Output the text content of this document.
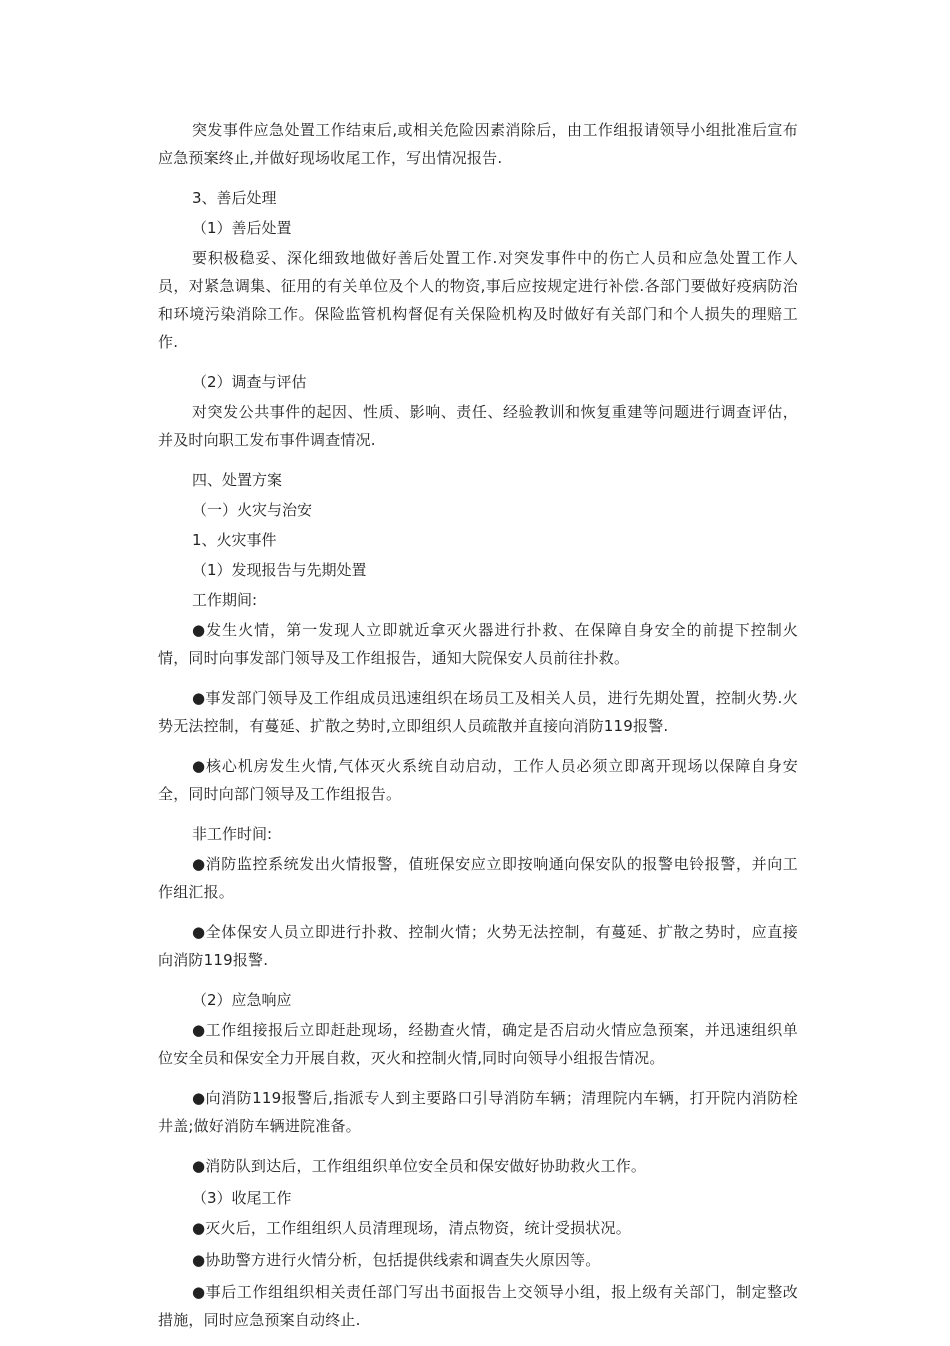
突发事件应急处置工作结束后,或相关危险因素消除后，由工作组报请领导小组批准后宣布应急预案终止,并做好现场收尾工作，写出情况报告.

3、善后处理

（1）善后处置

要积极稳妥、深化细致地做好善后处置工作.对突发事件中的伤亡人员和应急处置工作人员，对紧急调集、征用的有关单位及个人的物资,事后应按规定进行补偿.各部门要做好疫病防治和环境污染消除工作。保险监管机构督促有关保险机构及时做好有关部门和个人损失的理赔工作.

（2）调查与评估

对突发公共事件的起因、性质、影响、责任、经验教训和恢复重建等问题进行调查评估，并及时向职工发布事件调查情况.

四、处置方案

（一）火灾与治安

1、火灾事件

（1）发现报告与先期处置

工作期间:

●发生火情，第一发现人立即就近拿灭火器进行扑救、在保障自身安全的前提下控制火情，同时向事发部门领导及工作组报告，通知大院保安人员前往扑救。

●事发部门领导及工作组成员迅速组织在场员工及相关人员，进行先期处置，控制火势.火势无法控制，有蔓延、扩散之势时,立即组织人员疏散并直接向消防119报警.

●核心机房发生火情,气体灭火系统自动启动，工作人员必须立即离开现场以保障自身安全，同时向部门领导及工作组报告。

非工作时间:

●消防监控系统发出火情报警，值班保安应立即按响通向保安队的报警电铃报警，并向工作组汇报。

●全体保安人员立即进行扑救、控制火情；火势无法控制，有蔓延、扩散之势时，应直接向消防119报警.

（2）应急响应

●工作组接报后立即赶赴现场，经勘查火情，确定是否启动火情应急预案，并迅速组织单位安全员和保安全力开展自救，灭火和控制火情,同时向领导小组报告情况。

●向消防119报警后,指派专人到主要路口引导消防车辆；清理院内车辆，打开院内消防栓井盖;做好消防车辆进院准备。

●消防队到达后，工作组组织单位安全员和保安做好协助救火工作。

（3）收尾工作

●灭火后，工作组组织人员清理现场，清点物资，统计受损状况。

●协助警方进行火情分析，包括提供线索和调查失火原因等。

●事后工作组组织相关责任部门写出书面报告上交领导小组，报上级有关部门，制定整改措施，同时应急预案自动终止.
